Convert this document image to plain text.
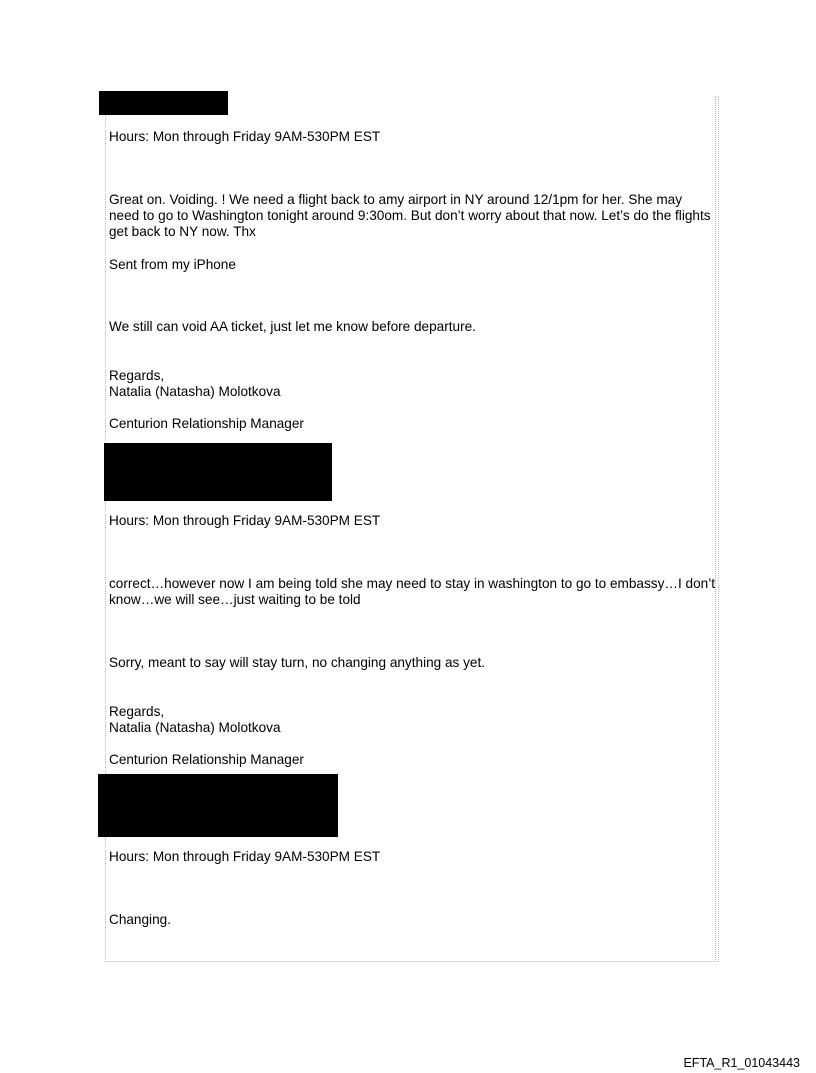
Hours: Mon through Friday 9AM-530PM EST
Great on. Voiding. ! We need a flight back to amy airport in NY around 12/1pm for her. She may need to go to Washington tonight around 9:30om. But don’t worry about that now. Let’s do the flights get back to NY now. Thx
Sent from my iPhone
We still can void AA ticket, just let me know before departure.
Regards,
Natalia (Natasha) Molotkova
Centurion Relationship Manager
Hours: Mon through Friday 9AM-530PM EST
correct…however now I am being told she may need to stay in washington to go to embassy…I don’t know…we will see…just waiting to be told
Sorry, meant to say will stay turn, no changing anything as yet.
Regards,
Natalia (Natasha) Molotkova
Centurion Relationship Manager
Hours: Mon through Friday 9AM-530PM EST
Changing.
EFTA_R1_01043443
